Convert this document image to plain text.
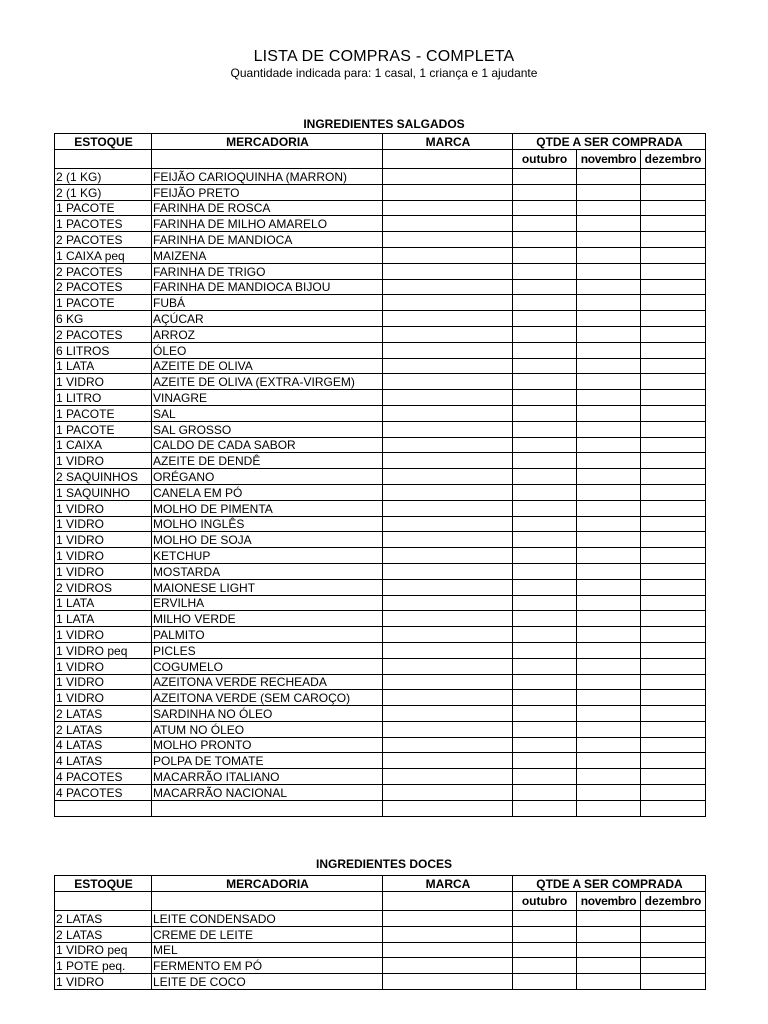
LISTA DE COMPRAS - COMPLETA
Quantidade indicada para: 1 casal, 1 criança e 1 ajudante
INGREDIENTES SALGADOS
ESTOQUE	MERCADORIA	MARCA	QTDE A SER COMPRADA		
			outubro	novembro	dezembro
2 (1 KG)	FEIJÃO CARIOQUINHA (MARRON)				
2 (1 KG)	FEIJÃO PRETO				
1 PACOTE	FARINHA DE ROSCA				
1 PACOTES	FARINHA DE MILHO AMARELO				
2 PACOTES	FARINHA DE MANDIOCA				
1 CAIXA peq	MAIZENA				
2 PACOTES	FARINHA DE TRIGO				
2 PACOTES	FARINHA DE MANDIOCA BIJOU				
1 PACOTE	FUBÁ				
6 KG	AÇÚCAR				
2 PACOTES	ARROZ				
6 LITROS	ÓLEO				
1 LATA	AZEITE DE OLIVA				
1 VIDRO	AZEITE DE OLIVA (EXTRA-VIRGEM)				
1 LITRO	VINAGRE				
1 PACOTE	SAL				
1 PACOTE	SAL GROSSO				
1 CAIXA	CALDO DE CADA SABOR				
1 VIDRO	AZEITE DE DENDÊ				
2 SAQUINHOS	ORÉGANO				
1 SAQUINHO	CANELA EM PÓ				
1 VIDRO	MOLHO DE PIMENTA				
1 VIDRO	MOLHO INGLÊS				
1 VIDRO	MOLHO DE SOJA				
1 VIDRO	KETCHUP				
1 VIDRO	MOSTARDA				
2 VIDROS	MAIONESE LIGHT				
1 LATA	ERVILHA				
1 LATA	MILHO VERDE				
1 VIDRO	PALMITO				
1 VIDRO peq	PICLES				
1 VIDRO	COGUMELO				
1 VIDRO	AZEITONA VERDE RECHEADA				
1 VIDRO	AZEITONA VERDE (SEM CAROÇO)				
2 LATAS	SARDINHA NO ÓLEO				
2 LATAS	ATUM NO ÓLEO				
4 LATAS	MOLHO PRONTO				
4 LATAS	POLPA DE TOMATE				
4 PACOTES	MACARRÃO ITALIANO				
4 PACOTES	MACARRÃO NACIONAL				

INGREDIENTES DOCES
ESTOQUE	MERCADORIA	MARCA	QTDE A SER COMPRADA		
			outubro	novembro	dezembro
2 LATAS	LEITE CONDENSADO				
2 LATAS	CREME DE LEITE				
1 VIDRO peq	MEL				
1 POTE peq.	FERMENTO EM PÓ				
1 VIDRO	LEITE DE COCO				
